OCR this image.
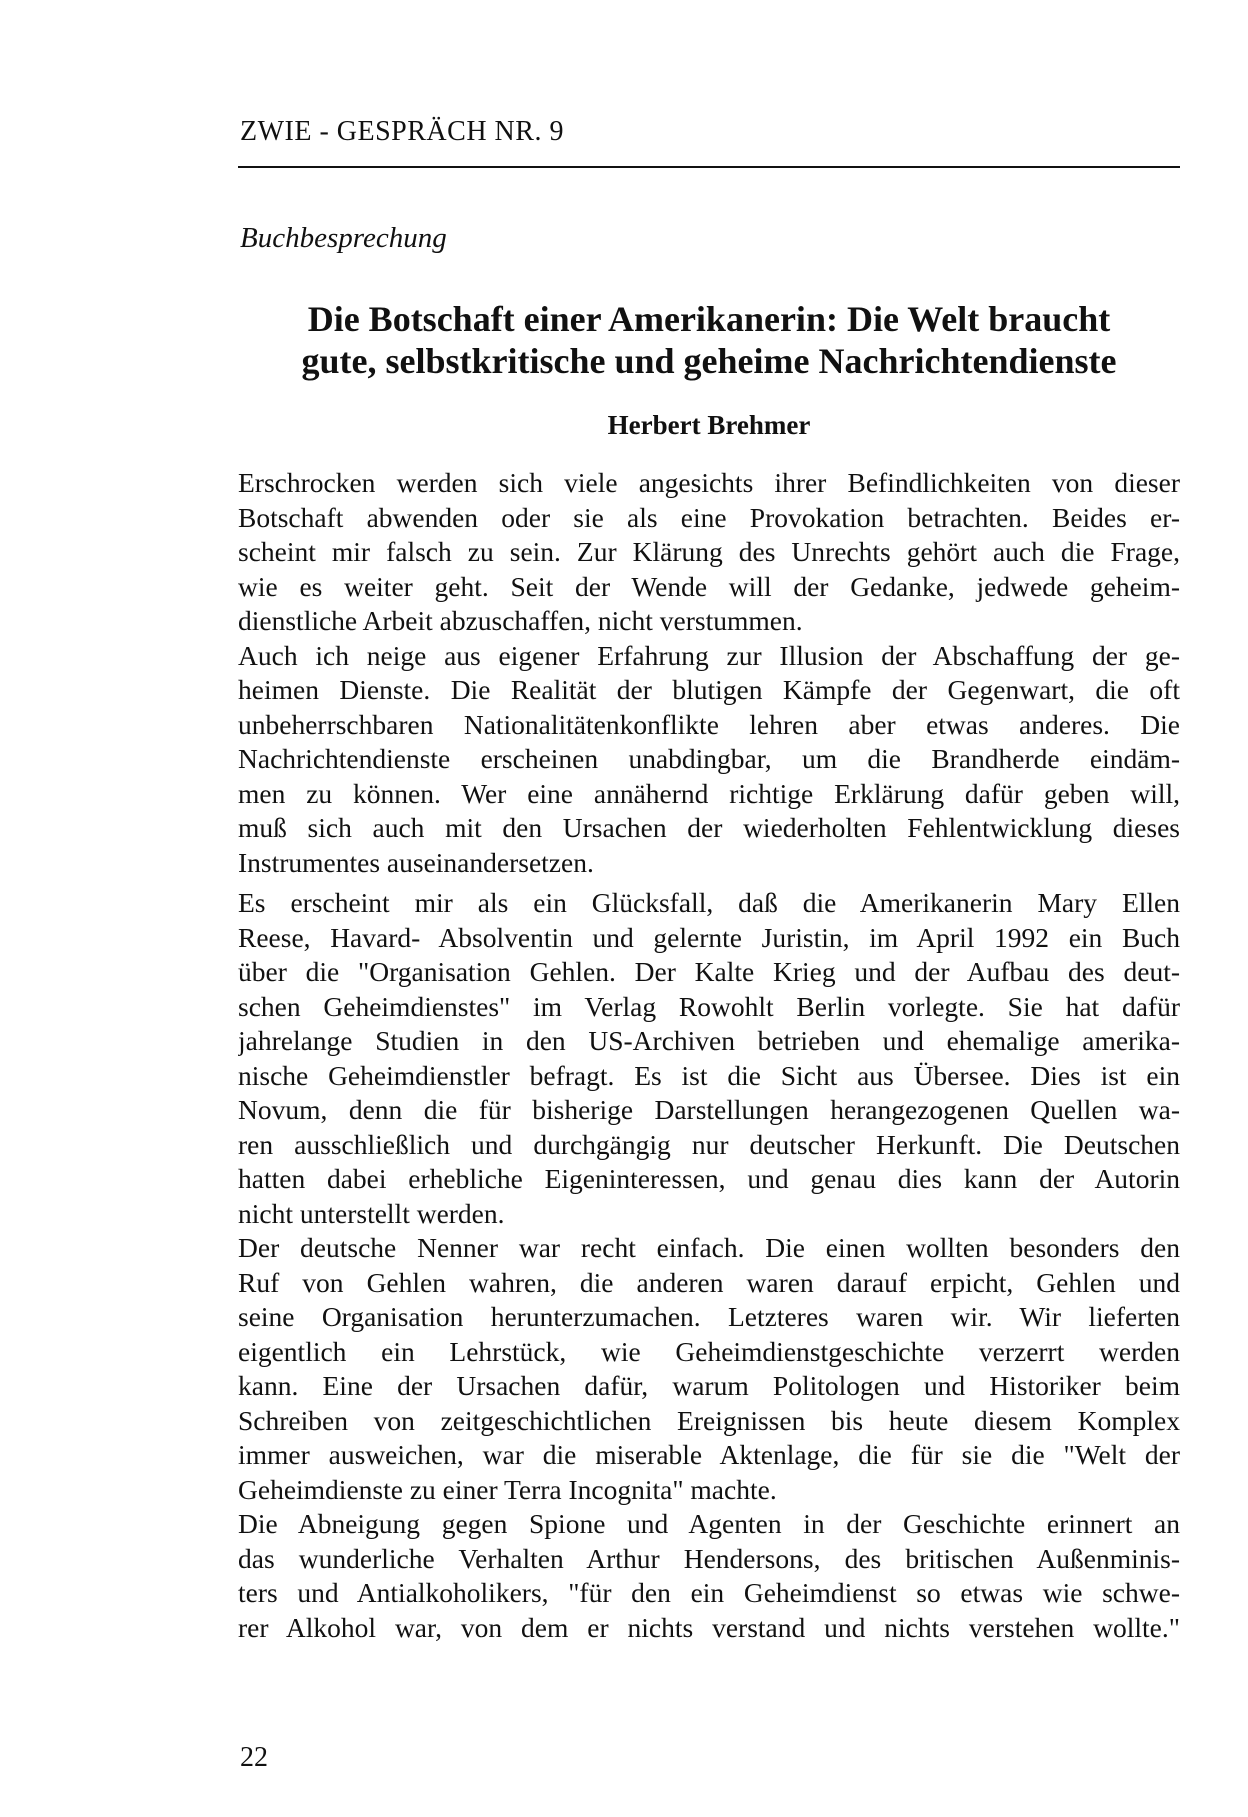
ZWIE - GESPRÄCH NR. 9
Buchbesprechung
Die Botschaft einer Amerikanerin: Die Welt braucht
gute, selbstkritische und geheime Nachrichtendienste
Herbert Brehmer

Erschrocken werden sich viele angesichts ihrer Befindlichkeiten von dieser
Botschaft abwenden oder sie als eine Provokation betrachten. Beides er-
scheint mir falsch zu sein. Zur Klärung des Unrechts gehört auch die Frage,
wie es weiter geht. Seit der Wende will der Gedanke, jedwede geheim-
dienstliche Arbeit abzuschaffen, nicht verstummen.

Auch ich neige aus eigener Erfahrung zur Illusion der Abschaffung der ge-
heimen Dienste. Die Realität der blutigen Kämpfe der Gegenwart, die oft
unbeherrschbaren Nationalitätenkonflikte lehren aber etwas anderes. Die
Nachrichtendienste erscheinen unabdingbar, um die Brandherde eindäm-
men zu können. Wer eine annähernd richtige Erklärung dafür geben will,
muß sich auch mit den Ursachen der wiederholten Fehlentwicklung dieses
Instrumentes auseinandersetzen.

Es erscheint mir als ein Glücksfall, daß die Amerikanerin Mary Ellen
Reese, Havard- Absolventin und gelernte Juristin, im April 1992 ein Buch
über die "Organisation Gehlen. Der Kalte Krieg und der Aufbau des deut-
schen Geheimdienstes" im Verlag Rowohlt Berlin vorlegte. Sie hat dafür
jahrelange Studien in den US-Archiven betrieben und ehemalige amerika-
nische Geheimdienstler befragt. Es ist die Sicht aus Übersee. Dies ist ein
Novum, denn die für bisherige Darstellungen herangezogenen Quellen wa-
ren ausschließlich und durchgängig nur deutscher Herkunft. Die Deutschen
hatten dabei erhebliche Eigeninteressen, und genau dies kann der Autorin
nicht unterstellt werden.

Der deutsche Nenner war recht einfach. Die einen wollten besonders den
Ruf von Gehlen wahren, die anderen waren darauf erpicht, Gehlen und
seine Organisation herunterzumachen. Letzteres waren wir. Wir lieferten
eigentlich ein Lehrstück, wie Geheimdienstgeschichte verzerrt werden
kann. Eine der Ursachen dafür, warum Politologen und Historiker beim
Schreiben von zeitgeschichtlichen Ereignissen bis heute diesem Komplex
immer ausweichen, war die miserable Aktenlage, die für sie die "Welt der
Geheimdienste zu einer Terra Incognita" machte.

Die Abneigung gegen Spione und Agenten in der Geschichte erinnert an
das wunderliche Verhalten Arthur Hendersons, des britischen Außenminis-
ters und Antialkoholikers, "für den ein Geheimdienst so etwas wie schwe-
rer Alkohol war, von dem er nichts verstand und nichts verstehen wollte."

22
